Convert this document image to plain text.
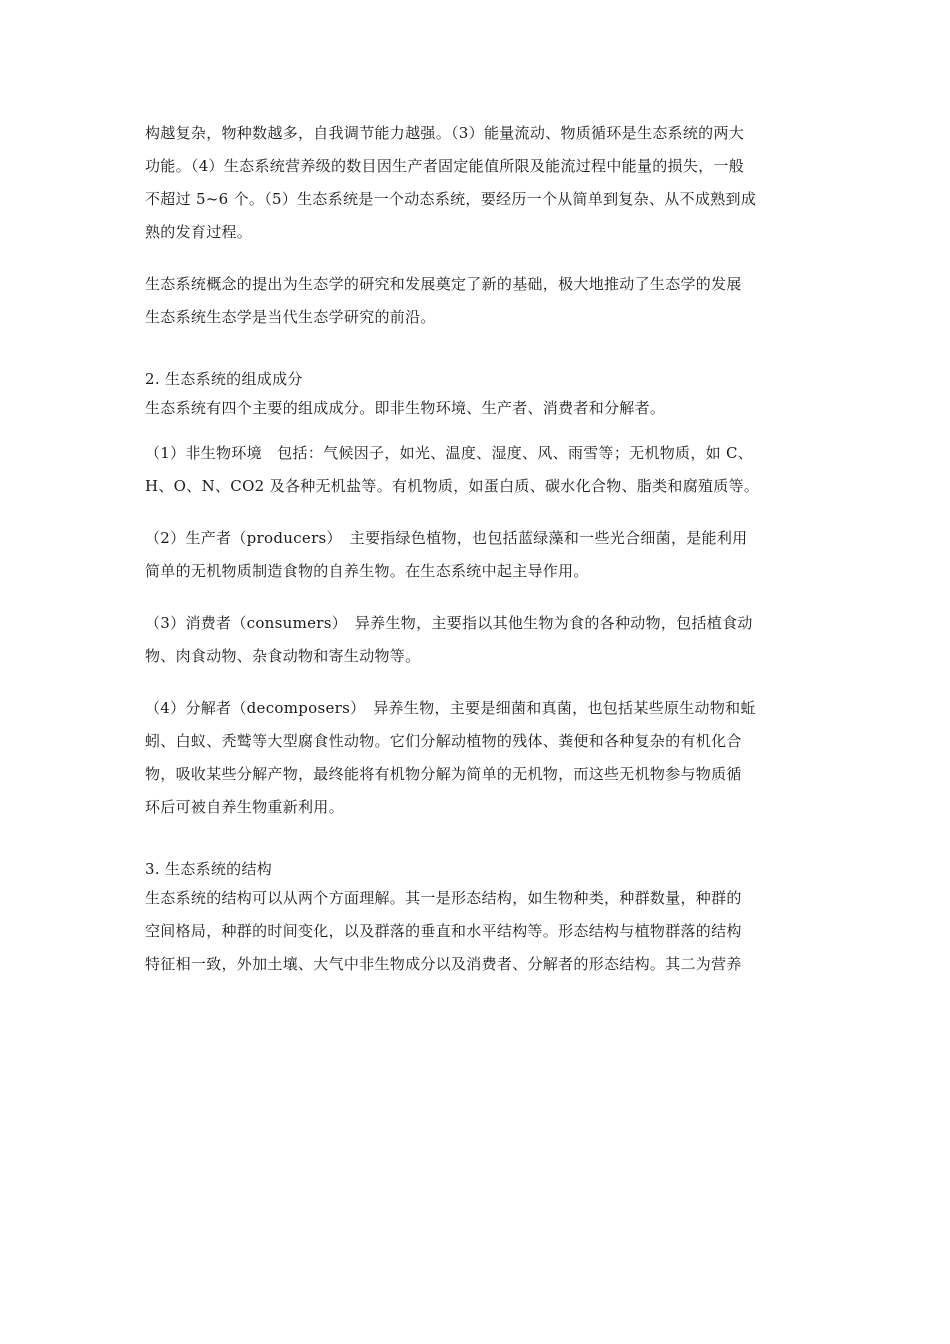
构越复杂，物种数越多，自我调节能力越强。（3）能量流动、物质循环是生态系统的两大
功能。（4）生态系统营养级的数目因生产者固定能值所限及能流过程中能量的损失，一般
不超过 5~6 个。（5）生态系统是一个动态系统，要经历一个从简单到复杂、从不成熟到成
熟的发育过程。

生态系统概念的提出为生态学的研究和发展奠定了新的基础，极大地推动了生态学的发展
生态系统生态学是当代生态学研究的前沿。

2. 生态系统的组成成分

生态系统有四个主要的组成成分。即非生物环境、生产者、消费者和分解者。

（1）非生物环境　包括：气候因子，如光、温度、湿度、风、雨雪等；无机物质，如 C、
H、O、N、CO2 及各种无机盐等。有机物质，如蛋白质、碳水化合物、脂类和腐殖质等。

（2）生产者（producers）　主要指绿色植物，也包括蓝绿藻和一些光合细菌，是能利用
简单的无机物质制造食物的自养生物。在生态系统中起主导作用。

（3）消费者（consumers）　异养生物，主要指以其他生物为食的各种动物，包括植食动
物、肉食动物、杂食动物和寄生动物等。

（4）分解者（decomposers）　异养生物，主要是细菌和真菌，也包括某些原生动物和蚯
蚓、白蚁、秃鹫等大型腐食性动物。它们分解动植物的残体、粪便和各种复杂的有机化合
物，吸收某些分解产物，最终能将有机物分解为简单的无机物，而这些无机物参与物质循
环后可被自养生物重新利用。

3. 生态系统的结构

生态系统的结构可以从两个方面理解。其一是形态结构，如生物种类，种群数量，种群的
空间格局，种群的时间变化，以及群落的垂直和水平结构等。形态结构与植物群落的结构
特征相一致，外加土壤、大气中非生物成分以及消费者、分解者的形态结构。其二为营养
